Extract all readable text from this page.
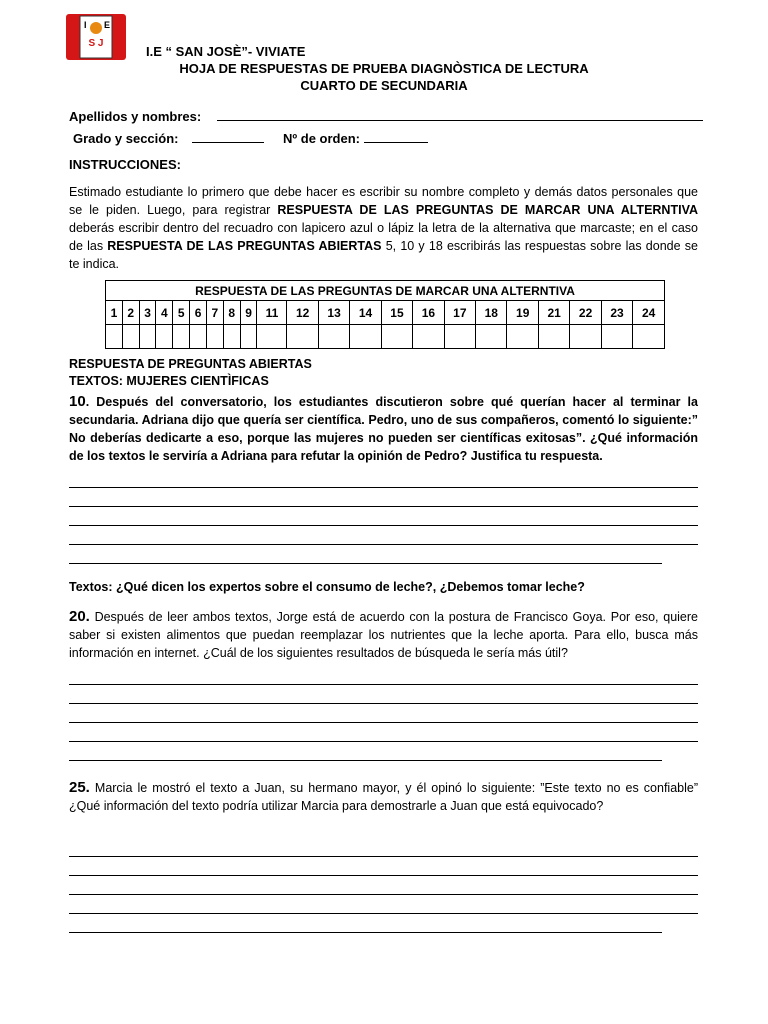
I E
S J
I.E “ SAN JOSÈ”- VIVIATE
HOJA DE RESPUESTAS DE PRUEBA DIAGNÒSTICA DE LECTURA
CUARTO DE SECUNDARIA
Apellidos y nombres:
Grado y sección:	Nº de orden:
INSTRUCCIONES:
Estimado estudiante lo primero que debe hacer es escribir su nombre completo y demás datos personales que se le piden. Luego, para registrar RESPUESTA DE LAS PREGUNTAS DE MARCAR UNA ALTERNTIVA deberás escribir dentro del recuadro con lapicero azul o lápiz la letra de la alternativa que marcaste; en el caso de las RESPUESTA DE LAS PREGUNTAS ABIERTAS 5, 10 y 18 escribirás las respuestas sobre las donde se te indica.
RESPUESTA DE LAS PREGUNTAS DE MARCAR UNA ALTERNTIVA																					
1	2	3	4	5	6	7	8	9	11	12	13	14	15	16	17	18	19	21	22	23	24

RESPUESTA DE PREGUNTAS ABIERTAS
TEXTOS: MUJERES CIENTÌFICAS
10. Después del conversatorio, los estudiantes discutieron sobre qué querían hacer al terminar la secundaria. Adriana dijo que quería ser científica. Pedro, uno de sus compañeros, comentó lo siguiente:” No deberías dedicarte a eso, porque las mujeres no pueden ser científicas exitosas”. ¿Qué información de los textos le serviría a Adriana para refutar la opinión de Pedro? Justifica tu respuesta.
Textos: ¿Qué dicen los expertos sobre el consumo de leche?, ¿Debemos tomar leche?
20. Después de leer ambos textos, Jorge está de acuerdo con la postura de Francisco Goya. Por eso, quiere saber si existen alimentos que puedan reemplazar los nutrientes que la leche aporta. Para ello, busca más información en internet. ¿Cuál de los siguientes resultados de búsqueda le sería más útil?
25. Marcia le mostró el texto a Juan, su hermano mayor, y él opinó lo siguiente: ”Este texto no es confiable” ¿Qué información del texto podría utilizar Marcia para demostrarle a Juan que está equivocado?
